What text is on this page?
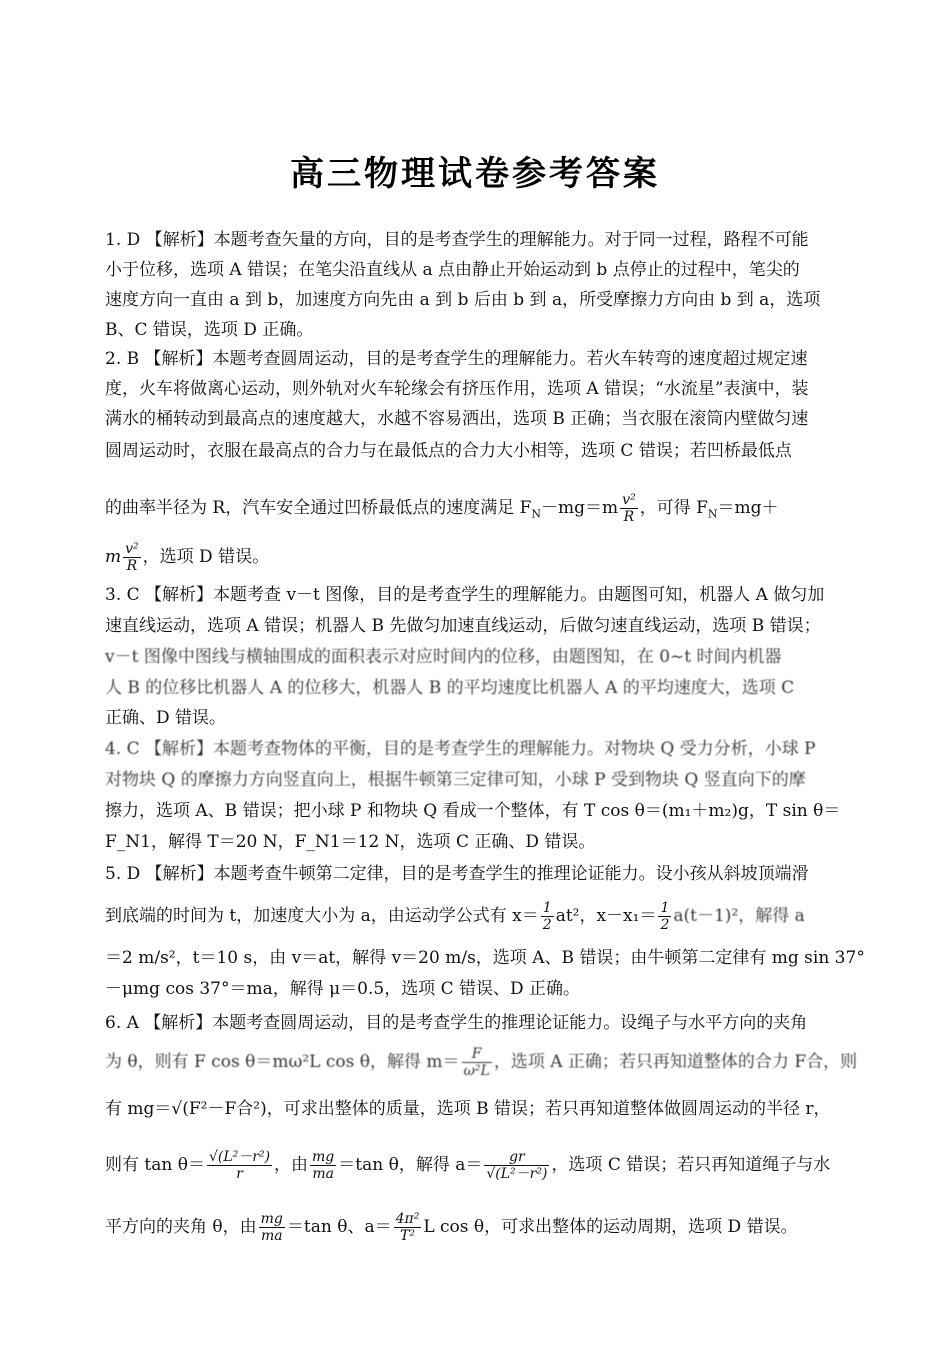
高三物理试卷参考答案
1. D 【解析】本题考查矢量的方向，目的是考查学生的理解能力。对于同一过程，路程不可能
小于位移，选项 A 错误；在笔尖沿直线从 a 点由静止开始运动到 b 点停止的过程中，笔尖的
速度方向一直由 a 到 b，加速度方向先由 a 到 b 后由 b 到 a，所受摩擦力方向由 b 到 a，选项
B、C 错误，选项 D 正确。
2. B 【解析】本题考查圆周运动，目的是考查学生的理解能力。若火车转弯的速度超过规定速
度，火车将做离心运动，则外轨对火车轮缘会有挤压作用，选项 A 错误；“水流星”表演中，装
满水的桶转动到最高点的速度越大，水越不容易洒出，选项 B 正确；当衣服在滚筒内壁做匀速
圆周运动时，衣服在最高点的合力与在最低点的合力大小相等，选项 C 错误；若凹桥最低点
的曲率半径为 R，汽车安全通过凹桥最低点的速度满足 $F_N-mg=m \frac{\text{v²}}{R}$ ，可得 $F_N=mg+$
m $\frac{\text{v²}}{R}$ ，选项 D 错误。
3. C 【解析】本题考查 v－t 图像，目的是考查学生的理解能力。由题图可知，机器人 A 做匀加
速直线运动，选项 A 错误；机器人 B 先做匀加速直线运动，后做匀速直线运动，选项 B 错误；
v－t 图像中图线与横轴围成的面积表示对应时间内的位移，由题图知，在 0~t 时间内机器
人 B 的位移比机器人 A 的位移大，机器人 B 的平均速度比机器人 A 的平均速度大，选项 C
正确、D 错误。
4. C 【解析】本题考查物体的平衡，目的是考查学生的理解能力。对物块 Q 受力分析，小球 P
对物块 Q 的摩擦力方向竖直向上，根据牛顿第三定律可知，小球 P 受到物块 Q 竖直向下的摩
擦力，选项 A、B 错误；把小球 P 和物块 Q 看成一个整体，有 T cos θ＝(m₁＋m₂)g，T sin θ＝
F_N1，解得 T＝20 N，F_N1＝12 N，选项 C 正确、D 错误。
5. D 【解析】本题考查牛顿第二定律，目的是考查学生的推理论证能力。设小孩从斜坡顶端滑
到底端的时间为 t，加速度大小为 a，由运动学公式有 $x= \frac{1}{2} at^2$，$x-x_1= \frac{1}{2} a(t-1)^2$，解得 a
＝2 m/s²，t＝10 s，由 v＝at，解得 v＝20 m/s，选项 A、B 错误；由牛顿第二定律有 mg sin 37°
－μmg cos 37°＝ma，解得 μ＝0.5，选项 C 错误、D 正确。
6. A 【解析】本题考查圆周运动，目的是考查学生的推理论证能力。设绳子与水平方向的夹角
为 θ，则有 F cos θ＝mω²L cos θ，解得 $m= \frac{F}{\text{ω²L}}$ ，选项 A 正确；若只再知道整体的合力 F合，则
有 mg＝√(F²－F合²)，可求出整体的质量，选项 B 错误；若只再知道整体做圆周运动的半径 r，
则有 $\tan \theta= \frac{\text{√(L²－r²)}}{r}$ ，由 $\frac{mg}{ma} =\tan$ θ，解得 $a= \frac{gr}{\text{√(L²－r²)}}$ ，选项 C 错误；若只再知道绳子与水
平方向的夹角 θ，由 $\frac{mg}{ma} =\tan$ θ、$a= \frac{\text{4π²}}{\text{T²}}$ L cos θ，可求出整体的运动周期，选项 D 错误。
